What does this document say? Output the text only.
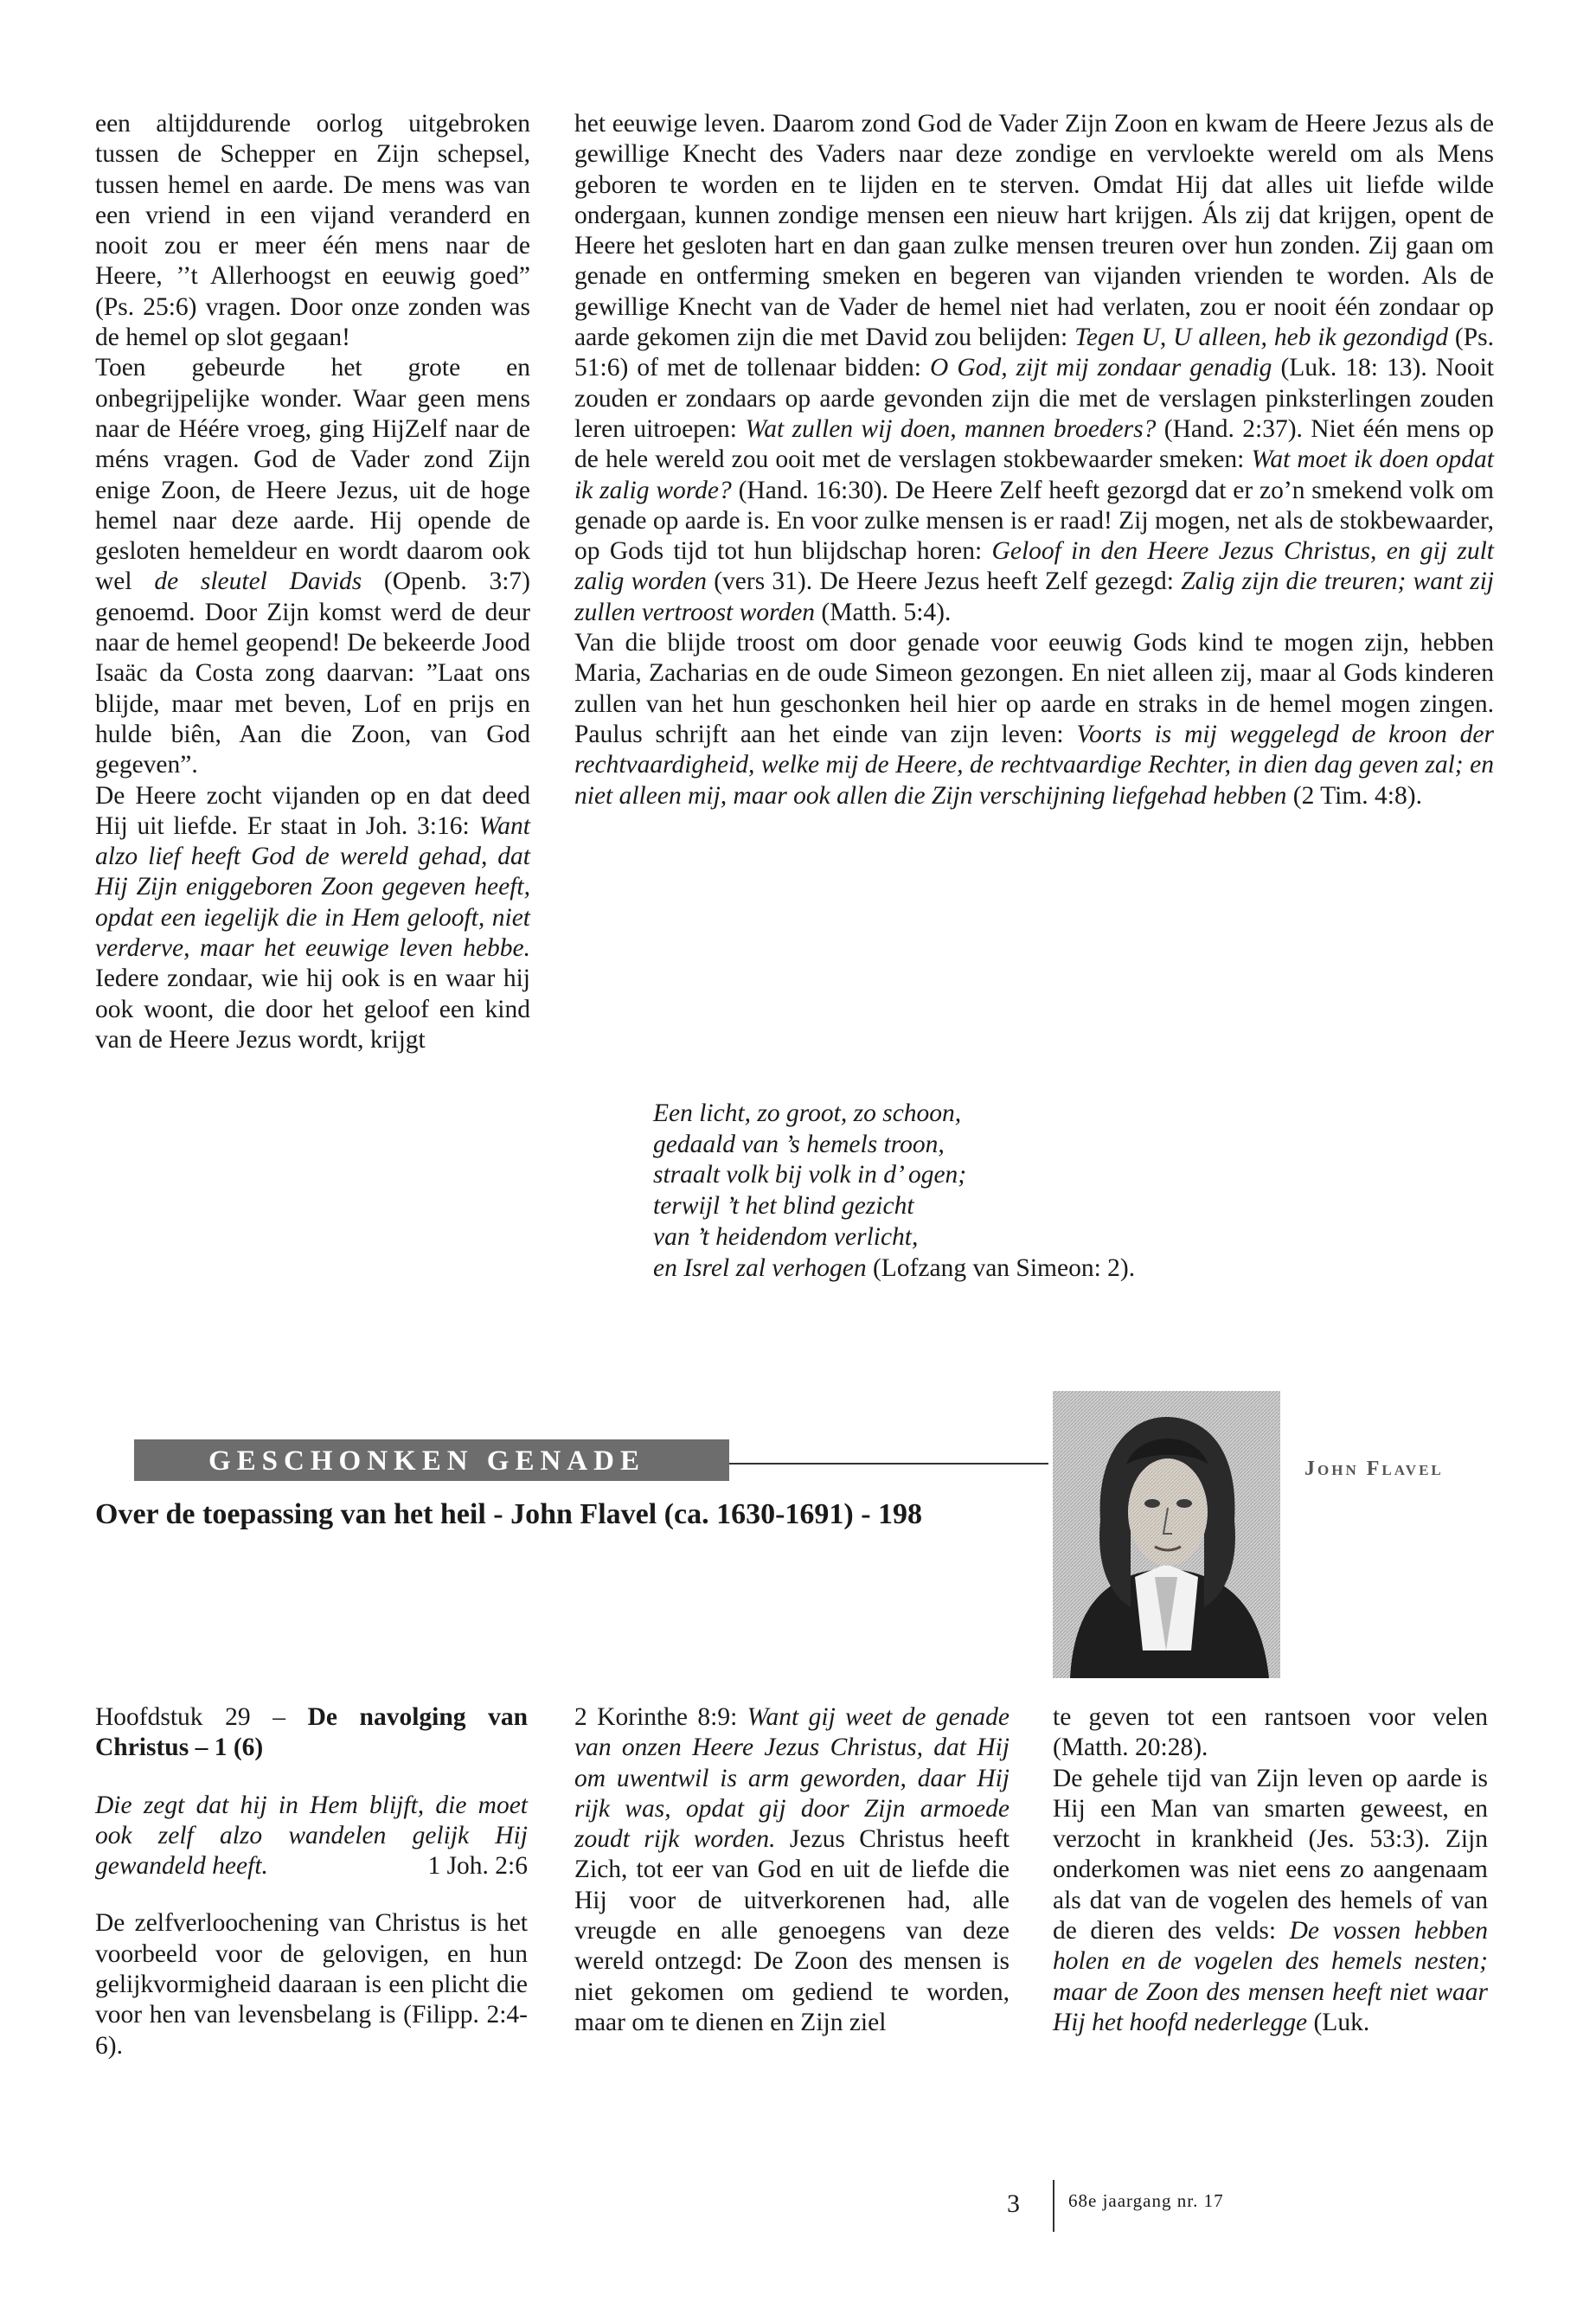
een altijddurende oorlog uitgebroken tussen de Schepper en Zijn schepsel, tussen hemel en aarde. De mens was van een vriend in een vijand veranderd en nooit zou er meer één mens naar de Heere, ’’t Allerhoogst en eeuwig goed” (Ps. 25:6) vragen. Door onze zonden was de hemel op slot gegaan!

Toen gebeurde het grote en onbegrijpelijke wonder. Waar geen mens naar de Héére vroeg, ging HijZelf naar de méns vragen. God de Vader zond Zijn enige Zoon, de Heere Jezus, uit de hoge hemel naar deze aarde. Hij opende de gesloten hemeldeur en wordt daarom ook wel de sleutel Davids (Openb. 3:7) genoemd. Door Zijn komst werd de deur naar de hemel geopend! De bekeerde Jood Isaäc da Costa zong daarvan: ”Laat ons blijde, maar met beven, Lof en prijs en hulde biên, Aan die Zoon, van God gegeven”.

De Heere zocht vijanden op en dat deed Hij uit liefde. Er staat in Joh. 3:16: Want alzo lief heeft God de wereld gehad, dat Hij Zijn eniggeboren Zoon gegeven heeft, opdat een iegelijk die in Hem gelooft, niet verderve, maar het eeuwige leven hebbe. Iedere zondaar, wie hij ook is en waar hij ook woont, die door het geloof een kind van de Heere Jezus wordt, krijgt

het eeuwige leven. Daarom zond God de Vader Zijn Zoon en kwam de Heere Jezus als de gewillige Knecht des Vaders naar deze zondige en vervloekte wereld om als Mens geboren te worden en te lijden en te sterven. Omdat Hij dat alles uit liefde wilde ondergaan, kunnen zondige mensen een nieuw hart krijgen. Áls zij dat krijgen, opent de Heere het gesloten hart en dan gaan zulke mensen treuren over hun zonden. Zij gaan om genade en ontferming smeken en begeren van vijanden vrienden te worden. Als de gewillige Knecht van de Vader de hemel niet had verlaten, zou er nooit één zondaar op aarde gekomen zijn die met David zou belijden: Tegen U, U alleen, heb ik gezondigd (Ps. 51:6) of met de tollenaar bidden: O God, zijt mij zondaar genadig (Luk. 18: 13). Nooit zouden er zondaars op aarde gevonden zijn die met de verslagen pinksterlingen zouden leren uitroepen: Wat zullen wij doen, mannen broeders? (Hand. 2:37). Niet één mens op de hele wereld zou ooit met de verslagen stokbewaarder smeken: Wat moet ik doen opdat ik zalig worde? (Hand. 16:30). De Heere Zelf heeft gezorgd dat er zo’n smekend volk om genade op aarde is. En voor zulke mensen is er raad! Zij mogen, net als de stokbewaarder, op Gods tijd tot hun blijdschap horen: Geloof in den Heere Jezus Christus, en gij zult zalig worden (vers 31). De Heere Jezus heeft Zelf gezegd: Zalig zijn die treuren; want zij zullen vertroost worden (Matth. 5:4).

Van die blijde troost om door genade voor eeuwig Gods kind te mogen zijn, hebben Maria, Zacharias en de oude Simeon gezongen. En niet alleen zij, maar al Gods kinderen zullen van het hun geschonken heil hier op aarde en straks in de hemel mogen zingen. Paulus schrijft aan het einde van zijn leven: Voorts is mij weggelegd de kroon der rechtvaardigheid, welke mij de Heere, de rechtvaardige Rechter, in dien dag geven zal; en niet alleen mij, maar ook allen die Zijn verschijning liefgehad hebben (2 Tim. 4:8).

Een licht, zo groot, zo schoon,
gedaald van ’s hemels troon,
straalt volk bij volk in d’ ogen;
terwijl ’t het blind gezicht
van ’t heidendom verlicht,
en Isrel zal verhogen (Lofzang van Simeon: 2).
GESCHONKEN GENADE
Over de toepassing van het heil - John Flavel (ca. 1630-1691) - 198
John Flavel

Hoofdstuk 29 – De navolging van Christus – 1 (6)

Die zegt dat hij in Hem blijft, die moet ook zelf alzo wandelen gelijk Hij gewandeld heeft.	1 Joh. 2:6

De zelfverloochening van Christus is het voorbeeld voor de gelovigen, en hun gelijkvormigheid daaraan is een plicht die voor hen van levensbelang is (Filipp. 2:4-6).

2 Korinthe 8:9: Want gij weet de genade van onzen Heere Jezus Christus, dat Hij om uwentwil is arm geworden, daar Hij rijk was, opdat gij door Zijn armoede zoudt rijk worden. Jezus Christus heeft Zich, tot eer van God en uit de liefde die Hij voor de uitverkorenen had, alle vreugde en alle genoegens van deze wereld ontzegd: De Zoon des mensen is niet gekomen om gediend te worden, maar om te dienen en Zijn ziel

te geven tot een rantsoen voor velen (Matth. 20:28).

De gehele tijd van Zijn leven op aarde is Hij een Man van smarten geweest, en verzocht in krankheid (Jes. 53:3). Zijn onderkomen was niet eens zo aangenaam als dat van de vogelen des hemels of van de dieren des velds: De vossen hebben holen en de vogelen des hemels nesten; maar de Zoon des mensen heeft niet waar Hij het hoofd nederlegge (Luk.

3	68e jaargang nr. 17
